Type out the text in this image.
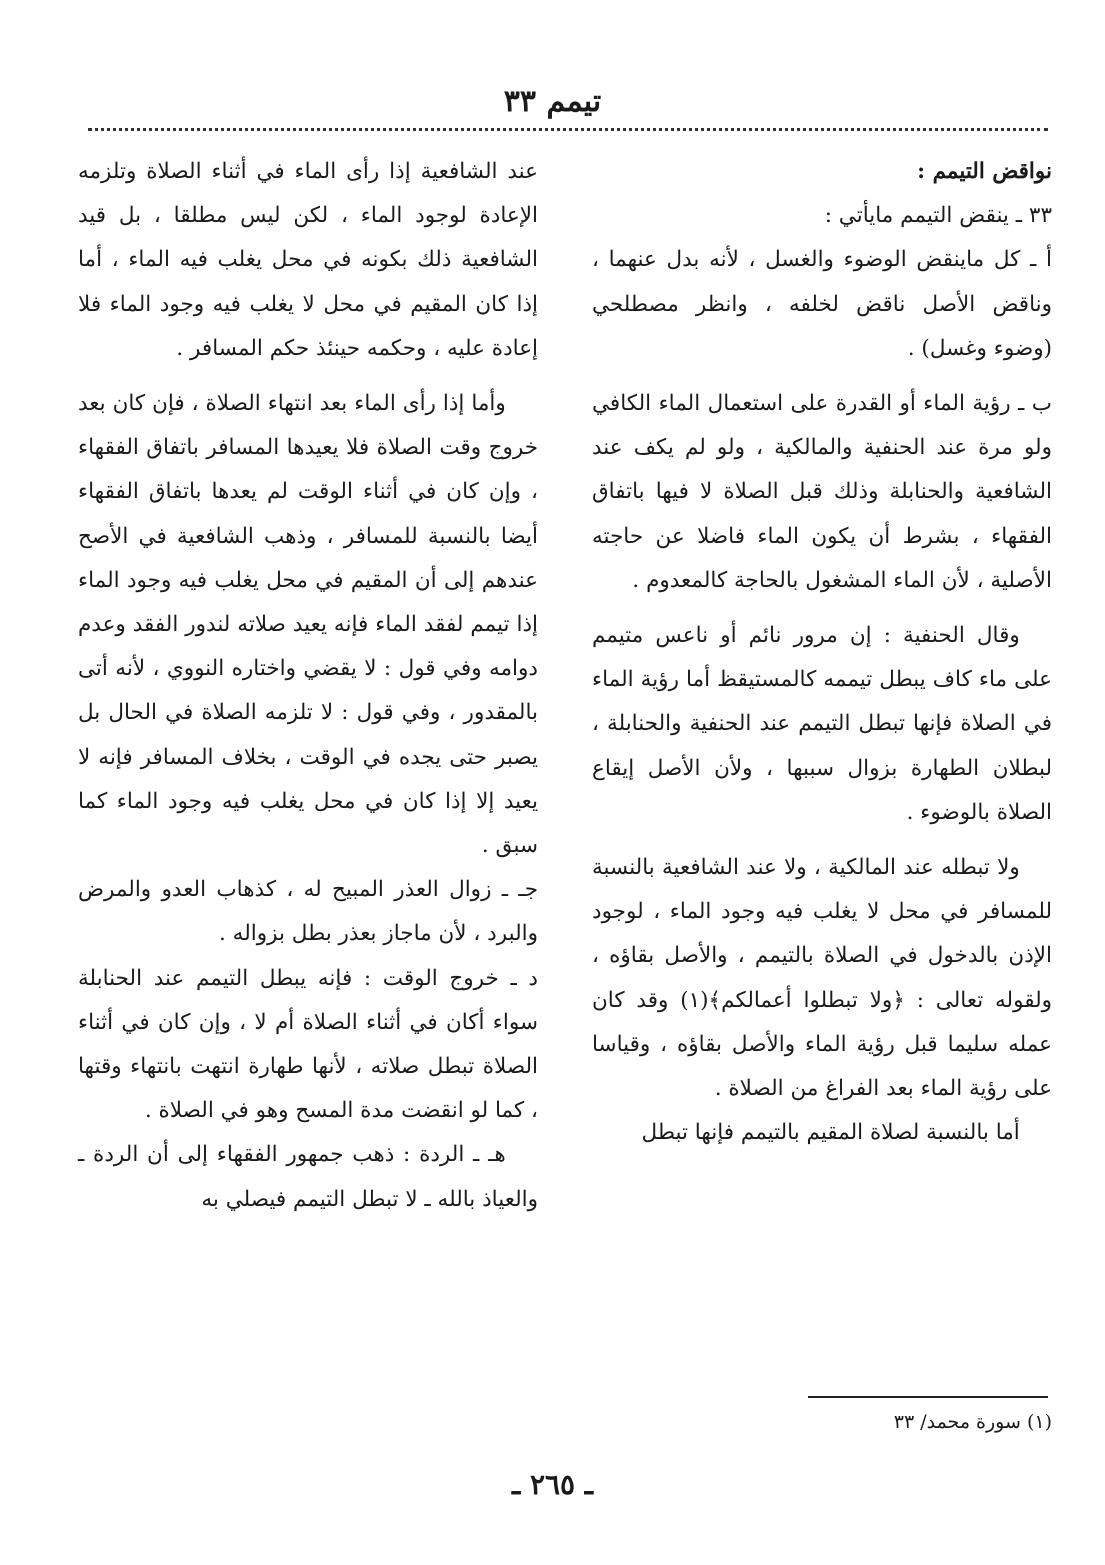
تيمم ٣٣

نواقض التيمم :

٣٣ ـ ينقض التيمم مايأتي :

أ ـ كل ماينقض الوضوء والغسل ، لأنه بدل عنهما ، وناقض الأصل ناقض لخلفه ، وانظر مصطلحي (وضوء وغسل) .

ب ـ رؤية الماء أو القدرة على استعمال الماء الكافي ولو مرة عند الحنفية والمالكية ، ولو لم يكف عند الشافعية والحنابلة وذلك قبل الصلاة لا فيها باتفاق الفقهاء ، بشرط أن يكون الماء فاضلا عن حاجته الأصلية ، لأن الماء المشغول بالحاجة كالمعدوم .

وقال الحنفية : إن مرور نائم أو ناعس متيمم على ماء كاف يبطل تيممه كالمستيقظ أما رؤية الماء في الصلاة فإنها تبطل التيمم عند الحنفية والحنابلة ، لبطلان الطهارة بزوال سببها ، ولأن الأصل إيقاع الصلاة بالوضوء .

ولا تبطله عند المالكية ، ولا عند الشافعية بالنسبة للمسافر في محل لا يغلب فيه وجود الماء ، لوجود الإذن بالدخول في الصلاة بالتيمم ، والأصل بقاؤه ، ولقوله تعالى : ﴿ولا تبطلوا أعمالكم﴾(١) وقد كان عمله سليما قبل رؤية الماء والأصل بقاؤه ، وقياسا على رؤية الماء بعد الفراغ من الصلاة .

أما بالنسبة لصلاة المقيم بالتيمم فإنها تبطل

عند الشافعية إذا رأى الماء في أثناء الصلاة وتلزمه الإعادة لوجود الماء ، لكن ليس مطلقا ، بل قيد الشافعية ذلك بكونه في محل يغلب فيه الماء ، أما إذا كان المقيم في محل لا يغلب فيه وجود الماء فلا إعادة عليه ، وحكمه حينئذ حكم المسافر .

وأما إذا رأى الماء بعد انتهاء الصلاة ، فإن كان بعد خروج وقت الصلاة فلا يعيدها المسافر باتفاق الفقهاء ، وإن كان في أثناء الوقت لم يعدها باتفاق الفقهاء أيضا بالنسبة للمسافر ، وذهب الشافعية في الأصح عندهم إلى أن المقيم في محل يغلب فيه وجود الماء إذا تيمم لفقد الماء فإنه يعيد صلاته لندور الفقد وعدم دوامه وفي قول : لا يقضي واختاره النووي ، لأنه أتى بالمقدور ، وفي قول : لا تلزمه الصلاة في الحال بل يصبر حتى يجده في الوقت ، بخلاف المسافر فإنه لا يعيد إلا إذا كان في محل يغلب فيه وجود الماء كما سبق .

جـ ـ زوال العذر المبيح له ، كذهاب العدو والمرض والبرد ، لأن ماجاز بعذر بطل بزواله .

د ـ خروج الوقت : فإنه يبطل التيمم عند الحنابلة سواء أكان في أثناء الصلاة أم لا ، وإن كان في أثناء الصلاة تبطل صلاته ، لأنها طهارة انتهت بانتهاء وقتها ، كما لو انقضت مدة المسح وهو في الصلاة .

هـ ـ الردة : ذهب جمهور الفقهاء إلى أن الردة ـ والعياذ بالله ـ لا تبطل التيمم فيصلي به

(١) سورة محمد/ ٣٣
ـ ٢٦٥ ـ
